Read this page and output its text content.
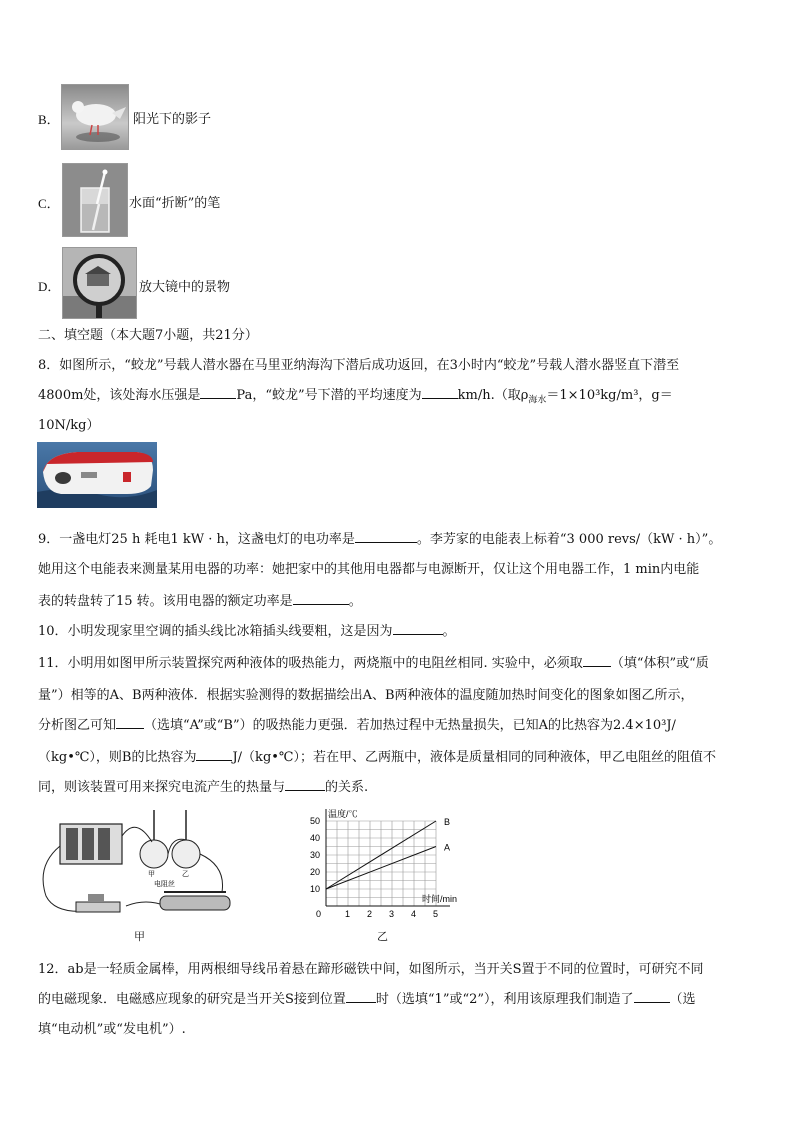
B．	阳光下的影子
C．	水面“折断”的笔
D．	放大镜中的景物
二、填空题（本大题7小题，共21分）
8．如图所示，“蛟龙”号载人潜水器在马里亚纳海沟下潜后成功返回，在3小时内“蛟龙”号载人潜水器竖直下潜至
4800m处，该处海水压强是	Pa，“蛟龙”号下潜的平均速度为	km/h.（取$\rho_{海水}=1\times 10^3kg/m^3$，g＝
10N/kg）
9．一盏电灯25 h 耗电1 kW · h，这盏电灯的电功率是	。李芳家的电能表上标着“3 000 revs/（kW · h）”。
她用这个电能表来测量某用电器的功率：她把家中的其他用电器都与电源断开，仅让这个用电器工作，1 min内电能
表的转盘转了15 转。该用电器的额定功率是	。
10．小明发现家里空调的插头线比冰箱插头线要粗，这是因为	。
11．小明用如图甲所示装置探究两种液体的吸热能力，两烧瓶中的电阻丝相同. 实验中，必须取 （填“体积”或“质
量”）相等的A、B两种液体．根据实验测得的数据描绘出A、B两种液体的温度随加热时间变化的图象如图乙所示，
分析图乙可知 （选填“A”或“B”）的吸热能力更强．若加热过程中无热量损失，已知A的比热容为2.4×10³J/
（kg•℃），则B的比热容为	J/（kg•℃）；若在甲、乙两瓶中，液体是质量相同的同种液体，甲乙电阻丝的阻值不
同，则该装置可用来探究电流产生的热量与	的关系.
甲	乙
电阻丝
甲
0	1 2 3 4 5
10
20
30
40
50
温度/℃
时间/min
B
A
乙
12．ab是一轻质金属棒，用两根细导线吊着悬在蹄形磁铁中间，如图所示，当开关S置于不同的位置时，可研究不同
的电磁现象．电磁感应现象的研究是当开关S接到位置 时（选填“1”或“2”），利用该原理我们制造了	（选
填“电动机”或“发电机”）.
